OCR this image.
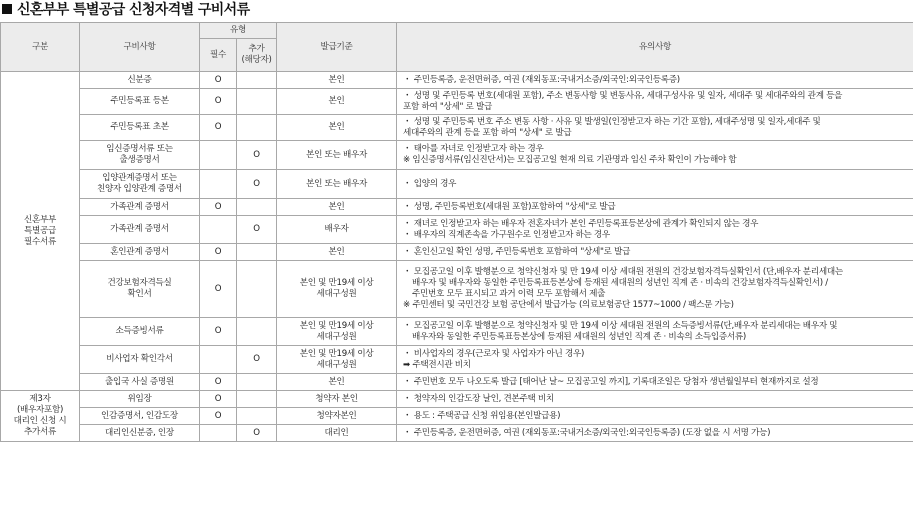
신혼부부 특별공급 신청자격별 구비서류
구분	구비사항	유형		발급기준	유의사항
		필수	추가
(해당자)		

신혼부부
특별공급
필수서류	신분증	O		본인	・ 주민등록증, 운전면허증, 여권 (재외동포:국내거소증/외국인:외국인등록증)

	주민등록표 등본	O		본인	・ 성명 및 주민등록 번호(세대원 포함), 주소 변동사항 및 변동사유, 세대구성사유 및 일자, 세대주 및 세대주와의 관계 등을
포함 하여 "상세" 로 발급

	주민등록표 초본	O		본인	・ 성명 및 주민등록 번호 주소 변동 사항 · 사유 및 발생일(인정받고자 하는 기간 포함), 세대주성명 및 일자,세대주 및
세대주와의 관계 등을 포함 하여 "상세" 로 발급

	임신증명서류 또는
출생증명서		O	본인 또는 배우자	・ 태아를 자녀로 인정받고자 하는 경우
※ 임신증명서류(임신진단서)는 모집공고일 현재 의료 기관명과 임신 주차 확인이 가능해야 함

	입양관계증명서 또는
친양자 입양관계 증명서		O	본인 또는 배우자	・ 입양의 경우

	가족관계 증명서	O		본인	・ 성명, 주민등록번호(세대원 포함)포함하여 "상세"로 발급

	가족관계 증명서		O	배우자	・ 재녀로 인정받고자 하는 배우자 전혼자녀가 본인 주민등록표등본상에 관계가 확인되지 않는 경우
・ 배우자의 직계존속을 가구원수로 인정받고자 하는 경우

	혼인관계 증명서	O		본인	・ 혼인신고일 확인 성명, 주민등록번호 포함하여 "상세"로 발급

	건강보험자격득실
확인서	O		본인 및 만19세 이상
세대구성원	・ 모집공고일 이후 발행분으로 청약신청자 및 만 19세 이상 세대원 전원의 건강보험자격득실확인서 (단,배우자 분리세대는
배우자 및 배우자와 동일한 주민등록표등본상에 등재된 세대원의 성년인 직계 존 · 비속의 건강보험자격득실확인서) /
주민번호 모두 표시되고 과거 이력 모두 포함해서 제출
※ 주민센터 및 국민건강 보험 공단에서 발급가능 (의료보험공단 1577~1000 / 팩스문 가능)

	소득증빙서류	O		본인 및 만19세 이상
세대구성원	・ 모집공고일 이후 발행분으로 청약신청자 및 만 19세 이상 세대원 전원의 소득증빙서류(단,배우자 분리세대는 배우자 및
배우자와 동일한 주민등록표등본상에 등재된 세대원의 성년인 직계 존 · 비속의 소득입증서류)

	비사업자 확인각서		O	본인 및 만19세 이상
세대구성원	・ 비사업자의 경우(근로자 및 사업자가 아닌 경우)
➡ 주택전시관 비치

	출입국 사실 증명원	O		본인	・ 주민번호 모두 나오도록 발급 [태어난 날~ 모집공고일 까지], 기록대조일은 당첨자 생년월일부터 현재까지로 설정

제3자
(배우자포함)
대리인 신청 시
추가서류	위임장	O		청약자 본인	・ 청약자의 인감도장 날인, 견본주택 비치

	인감증명서, 인감도장	O		청약자본인	・ 용도 : 주택공급 신청 위임용(본인발급용)

	대리인신분증, 인장		O	대리인	・ 주민등록증, 운전면허증, 여권 (재외동포:국내거소증/외국인:외국인등록증) (도장 없을 시 서명 가능)
